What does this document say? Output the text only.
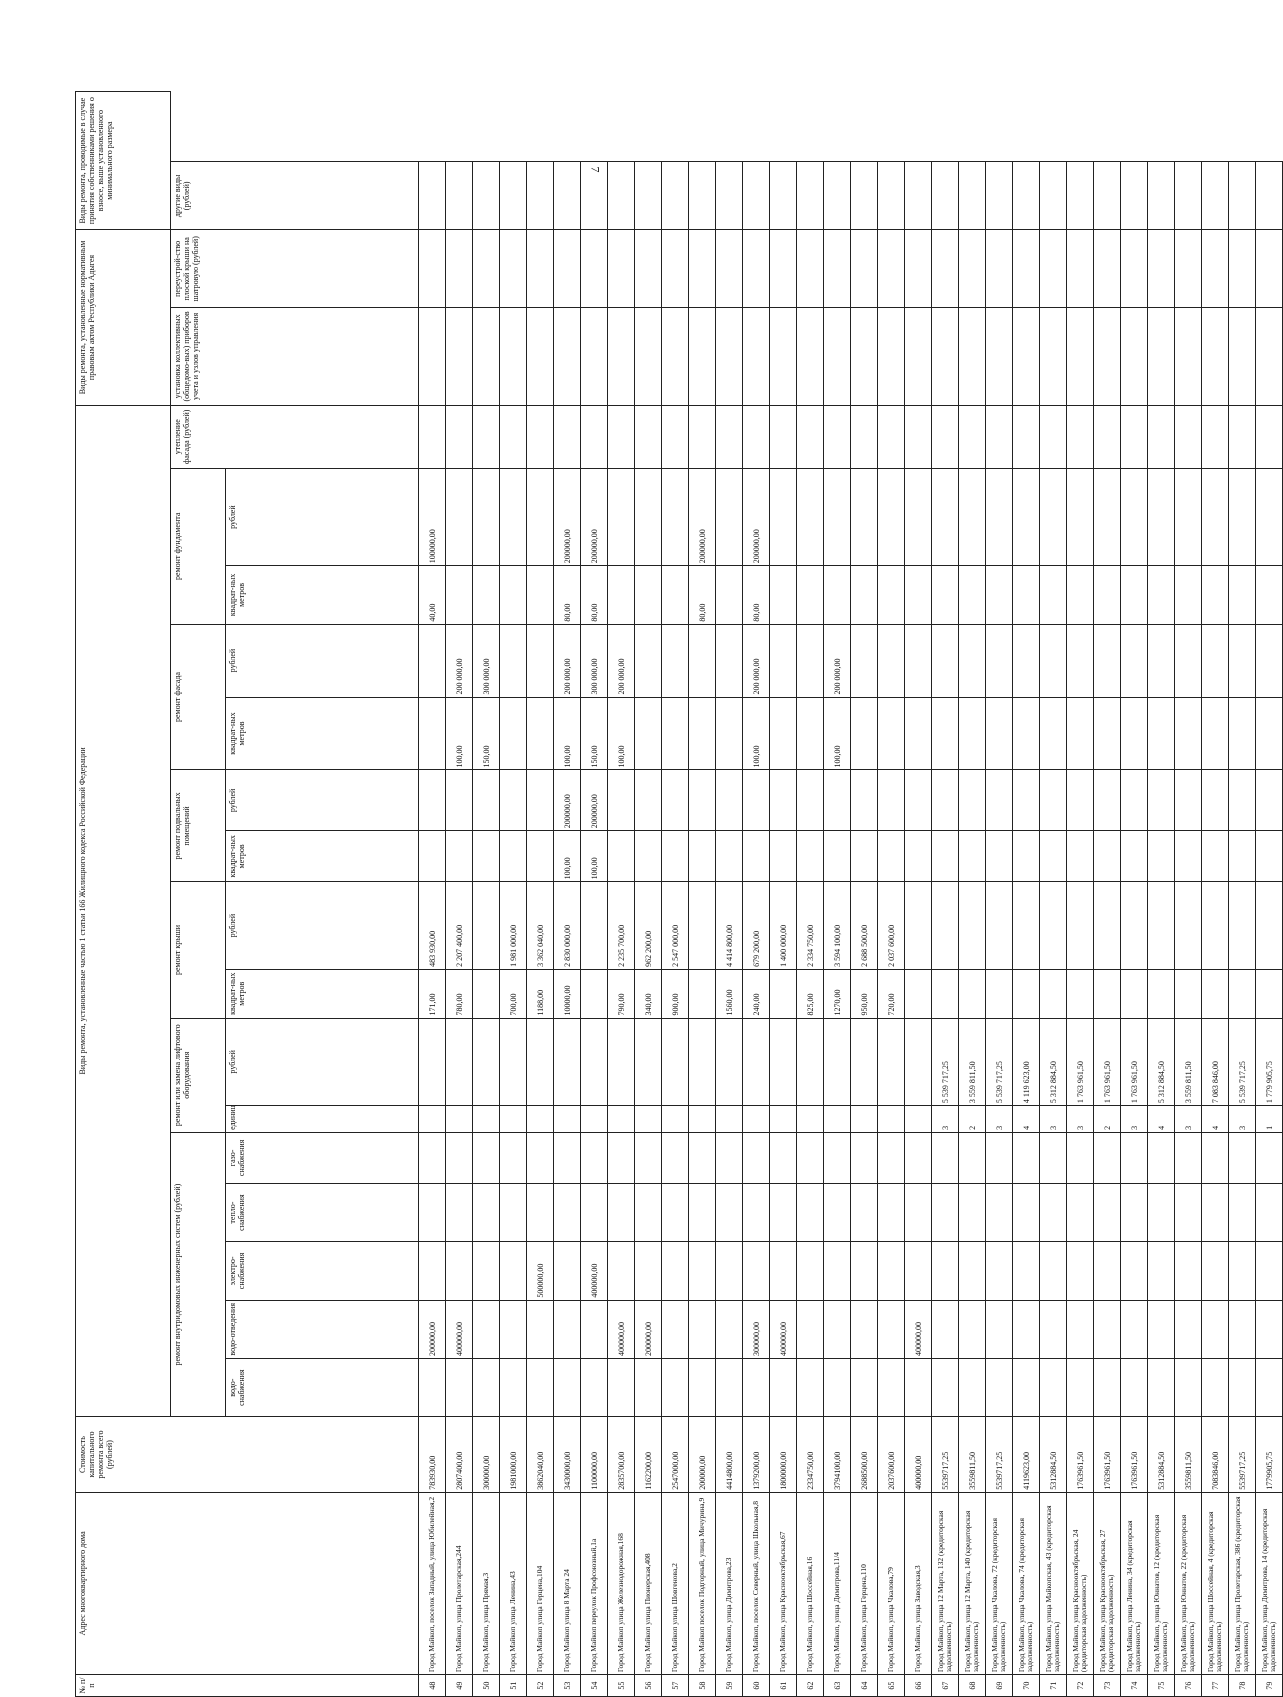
7
№ п/п	Адрес многоквартирного дома	Стоимость капитального ремонта всего (рублей)	Виды ремонта, установленные частью 1 статьи 166 Жилищного кодекса Российской Федерации																Виды ремонта, установленные нормативным правовым актом Республики Адыгея		Виды ремонта, проводимые в случае принятия собственниками решения о взносе, выше установленного минимального размера
			ремонт внутридомовых инженерных систем (рублей)					ремонт или замена лифтового оборудования		ремонт крыши		ремонт подвальных помещений		ремонт фасада		ремонт фундамента		утепление фасада (рублей)	установка коллективных (общедомо-вых) приборов учета и узлов управления	переустрой-ство плоской крыши на шатровую (рублей)	другие виды (рублей)

			водо-снабжения	водо-отведения	электро-снабжения	тепло-снабжения	газо-снабжения	единиц	рублей	квадрат-ных метров	рублей	квадрат-ных метров	рублей	квадрат-ных метров	рублей	квадрат-ных метров	рублей				
48	Город Майкоп, поселок Западный, улица Юбилейная,2	783930,00		200000,00						171,00	483 930,00					40,00	100000,00				
49	Город Майкоп, улица Пролетарская,244	2807400,00		400000,00						780,00	2 207 400,00			100,00	200 000,00						
50	Город Майкоп, улица Прямая,3	300000,00												150,00	300 000,00						
51	Город Майкоп улица Ленина,43	1981000,00								700,00	1 981 000,00										
52	Город Майкоп улица Герцена,104	3862040,00			500000,00					1188,00	3 362 040,00										
53	Город Майкоп улица 8 Марта 24	3430000,00								10000,00	2 830 000,00	100,00	200000,00	100,00	200 000,00	80,00	200000,00				
54	Город Майкоп переулок Профсоюзный,1а	1100000,00			400000,00							100,00	200000,00	150,00	300 000,00	80,00	200000,00				
55	Город Майкоп улица Железнодорожная,168	2835700,00		400000,00						790,00	2 235 700,00			100,00	200 000,00						
56	Город Майкоп улица Пионерская,408	1162200,00		200000,00						340,00	962 200,00										
57	Город Майкоп улица Шовгенова,2	2547000,00								900,00	2 547 000,00										
58	Город Майкоп поселок Подгорный, улица Мичурина,9	200000,00														80,00	200000,00				
59	Город Майкоп, улица Димитрова,23	4414800,00								1560,00	4 414 800,00										
60	Город Майкоп, поселок Северный, улица Школьная,8	1379200,00		300000,00						240,00	679 200,00			100,00	200 000,00	80,00	200000,00				
61	Город Майкоп, улица Краснооктябрьская,67	1800000,00		400000,00							1 400 000,00										
62	Город Майкоп, улица Шоссейная,16	2334750,00								825,00	2 334 750,00										
63	Город Майкоп, улица Димитрова,11/4	3794100,00								1270,00	3 594 100,00			100,00	200 000,00						
64	Город Майкоп, улица Герцена,110	2688500,00								950,00	2 688 500,00										
65	Город Майкоп, улица Чкалова,79	2037600,00								720,00	2 037 600,00										
66	Город Майкоп, улица Заводская,3	400000,00		400000,00																	
67	Город Майкоп, улица 12 Марта, 132 (кредиторская задолженность)	5539717,25						3	5 539 717,25												
68	Город Майкоп, улица 12 Марта, 140 (кредиторская задолженность)	3559811,50						2	3 559 811,50												
69	Город Майкоп, улица Чкалова, 72 (кредиторская задолженность)	5539717,25						3	5 539 717,25												
70	Город Майкоп, улица Чкалова, 74 (кредиторская задолженность)	4119623,00						4	4 119 623,00												
71	Город Майкоп, улица Майкопская, 43 (кредиторская задолженность)	5312884,50						3	5 312 884,50												
72	Город Майкоп, улица Краснооктябрьская, 24 (кредиторская задолженность)	1763961,50						3	1 763 961,50												
73	Город Майкоп, улица Краснооктябрьская, 27 (кредиторская задолженность)	1763961,50						2	1 763 961,50												
74	Город Майкоп, улица Ленина, 34 (кредиторская задолженность)	1763961,50						3	1 763 961,50												
75	Город Майкоп, улица Юннатов, 12 (кредиторская задолженность)	5312884,50						4	5 312 884,50												
76	Город Майкоп, улица Юннатов, 22 (кредиторская задолженность)	3559811,50						3	3 559 811,50												
77	Город Майкоп, улица Шоссейная, 4 (кредиторская задолженность)	7083846,00						4	7 083 846,00												
78	Город Майкоп, улица Пролетарская, 386 (кредиторская задолженность)	5539717,25						3	5 539 717,25												
79	Город Майкоп, улица Димитрова, 14 (кредиторская задолженность)	1779905,75						1	1 779 905,75												
